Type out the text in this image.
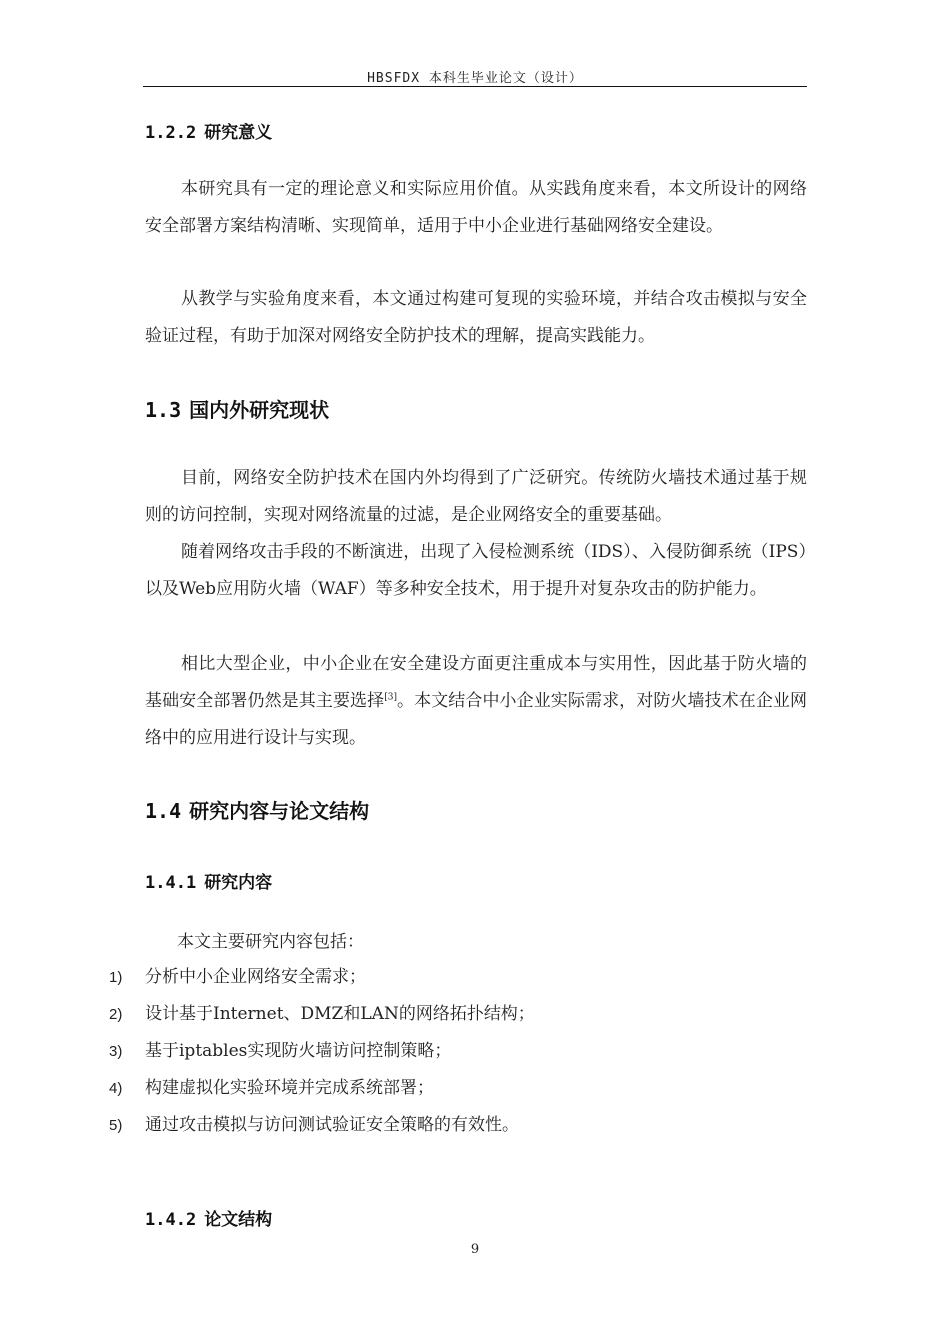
HBSFDX 本科生毕业论文（设计）
1.2.2 研究意义
本研究具有一定的理论意义和实际应用价值。从实践角度来看，本文所设计的网络安全部署方案结构清晰、实现简单，适用于中小企业进行基础网络安全建设。
从教学与实验角度来看，本文通过构建可复现的实验环境，并结合攻击模拟与安全验证过程，有助于加深对网络安全防护技术的理解，提高实践能力。
1.3 国内外研究现状
目前，网络安全防护技术在国内外均得到了广泛研究。传统防火墙技术通过基于规则的访问控制，实现对网络流量的过滤，是企业网络安全的重要基础。
随着网络攻击手段的不断演进，出现了入侵检测系统（IDS）、入侵防御系统（IPS）以及Web应用防火墙（WAF）等多种安全技术，用于提升对复杂攻击的防护能力。
相比大型企业，中小企业在安全建设方面更注重成本与实用性，因此基于防火墙的基础安全部署仍然是其主要选择[3]。本文结合中小企业实际需求，对防火墙技术在企业网络中的应用进行设计与实现。
1.4 研究内容与论文结构
1.4.1 研究内容
本文主要研究内容包括：
1) 分析中小企业网络安全需求；
2) 设计基于Internet、DMZ和LAN的网络拓扑结构；
3) 基于iptables实现防火墙访问控制策略；
4) 构建虚拟化实验环境并完成系统部署；
5) 通过攻击模拟与访问测试验证安全策略的有效性。
1.4.2 论文结构
9
